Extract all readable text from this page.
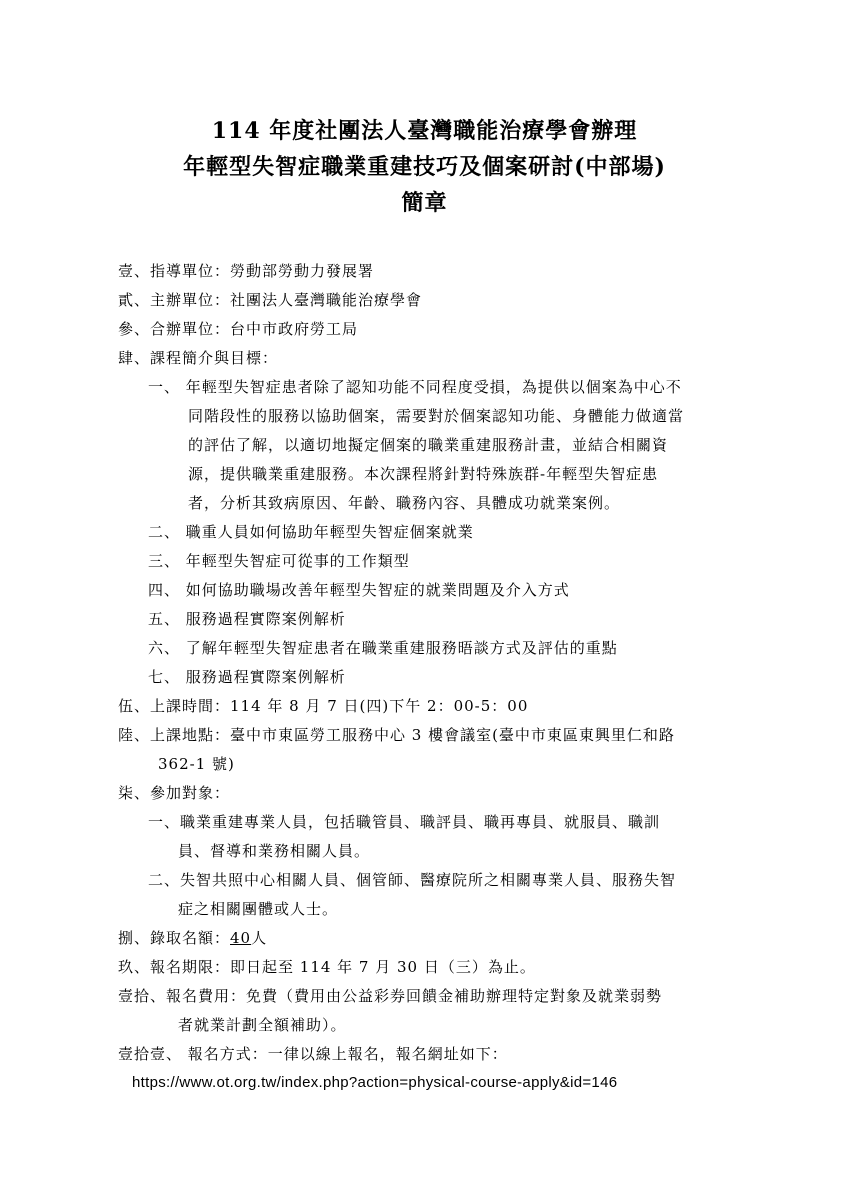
114 年度社團法人臺灣職能治療學會辦理
年輕型失智症職業重建技巧及個案研討(中部場)
簡章
壹、指導單位：勞動部勞動力發展署
貳、主辦單位：社團法人臺灣職能治療學會
參、合辦單位：台中市政府勞工局
肆、課程簡介與目標：
一、 年輕型失智症患者除了認知功能不同程度受損，為提供以個案為中心不
同階段性的服務以協助個案，需要對於個案認知功能、身體能力做適當
的評估了解，以適切地擬定個案的職業重建服務計畫，並結合相關資
源，提供職業重建服務。本次課程將針對特殊族群-年輕型失智症患
者，分析其致病原因、年齡、職務內容、具體成功就業案例。
二、 職重人員如何協助年輕型失智症個案就業
三、 年輕型失智症可從事的工作類型
四、 如何協助職場改善年輕型失智症的就業問題及介入方式
五、 服務過程實際案例解析
六、 了解年輕型失智症患者在職業重建服務晤談方式及評估的重點
七、 服務過程實際案例解析
伍、上課時間：114 年 8 月 7 日(四)下午 2：00-5：00
陸、上課地點：臺中市東區勞工服務中心 3 樓會議室(臺中市東區東興里仁和路
362-1 號)
柒、參加對象：
一、職業重建專業人員，包括職管員、職評員、職再專員、就服員、職訓
員、督導和業務相關人員。
二、失智共照中心相關人員、個管師、醫療院所之相關專業人員、服務失智
症之相關團體或人士。
捌、錄取名額：40人
玖、報名期限：即日起至 114 年 7 月 30 日（三）為止。
壹拾、報名費用：免費（費用由公益彩券回饋金補助辦理特定對象及就業弱勢
者就業計劃全額補助）。
壹拾壹、 報名方式：一律以線上報名，報名網址如下：
https://www.ot.org.tw/index.php?action=physical-course-apply&id=146
